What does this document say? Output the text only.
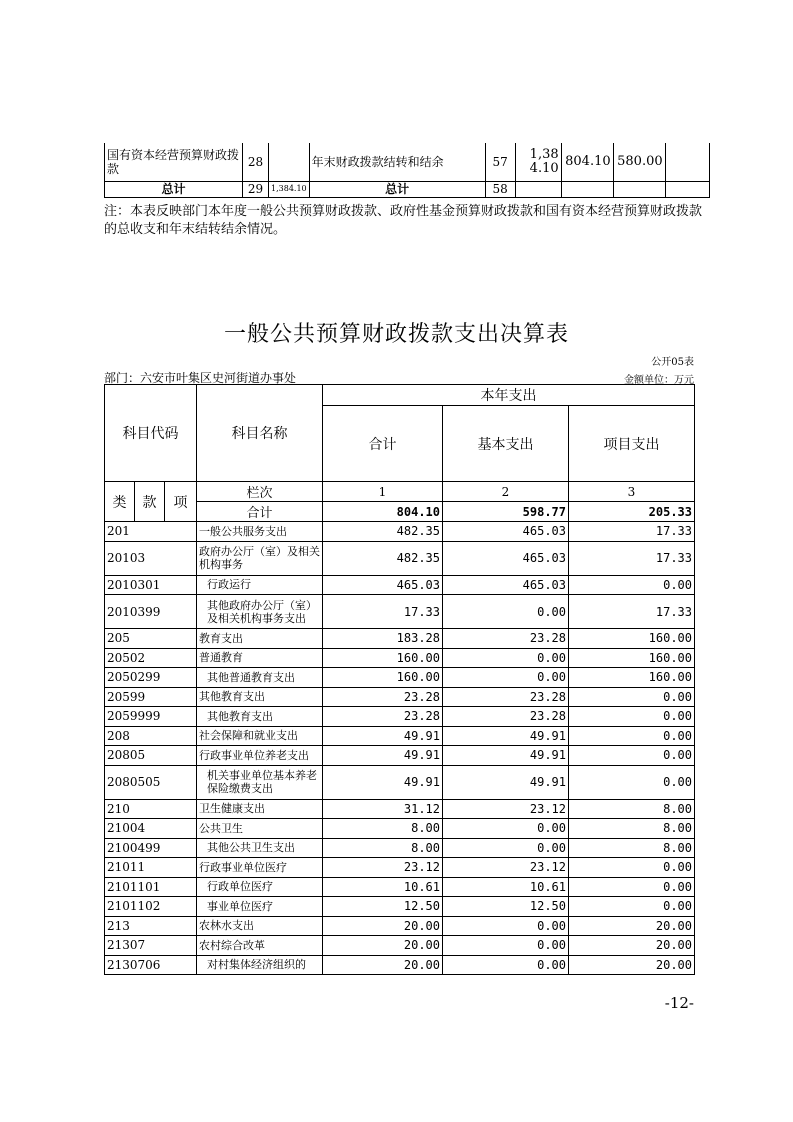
国有资本经营预算财政拨款	28		年末财政拨款结转和结余	57	1,384.10	804.10	580.00	
总计	29	1,384.10	总计	58				
注：本表反映部门本年度一般公共预算财政拨款、政府性基金预算财政拨款和国有资本经营预算财政拨款的总收支和年末结转结余情况。
一般公共预算财政拨款支出决算表
公开05表
部门：六安市叶集区史河街道办事处	金额单位：万元
科目代码			科目名称	本年支出		
				合计	基本支出	项目支出

类	款	项	栏次	1	2	3
			合计	804.10	598.77	205.33
201			一般公共服务支出	482.35	465.03	17.33
20103			政府办公厅（室）及相关机构事务	482.35	465.03	17.33
2010301			行政运行	465.03	465.03	0.00
2010399			其他政府办公厅（室）及相关机构事务支出	17.33	0.00	17.33
205			教育支出	183.28	23.28	160.00
20502			普通教育	160.00	0.00	160.00
2050299			其他普通教育支出	160.00	0.00	160.00
20599			其他教育支出	23.28	23.28	0.00
2059999			其他教育支出	23.28	23.28	0.00
208			社会保障和就业支出	49.91	49.91	0.00
20805			行政事业单位养老支出	49.91	49.91	0.00
2080505			机关事业单位基本养老保险缴费支出	49.91	49.91	0.00
210			卫生健康支出	31.12	23.12	8.00
21004			公共卫生	8.00	0.00	8.00
2100499			其他公共卫生支出	8.00	0.00	8.00
21011			行政事业单位医疗	23.12	23.12	0.00
2101101			行政单位医疗	10.61	10.61	0.00
2101102			事业单位医疗	12.50	12.50	0.00
213			农林水支出	20.00	0.00	20.00
21307			农村综合改革	20.00	0.00	20.00
2130706			对村集体经济组织的	20.00	0.00	20.00
-12-
